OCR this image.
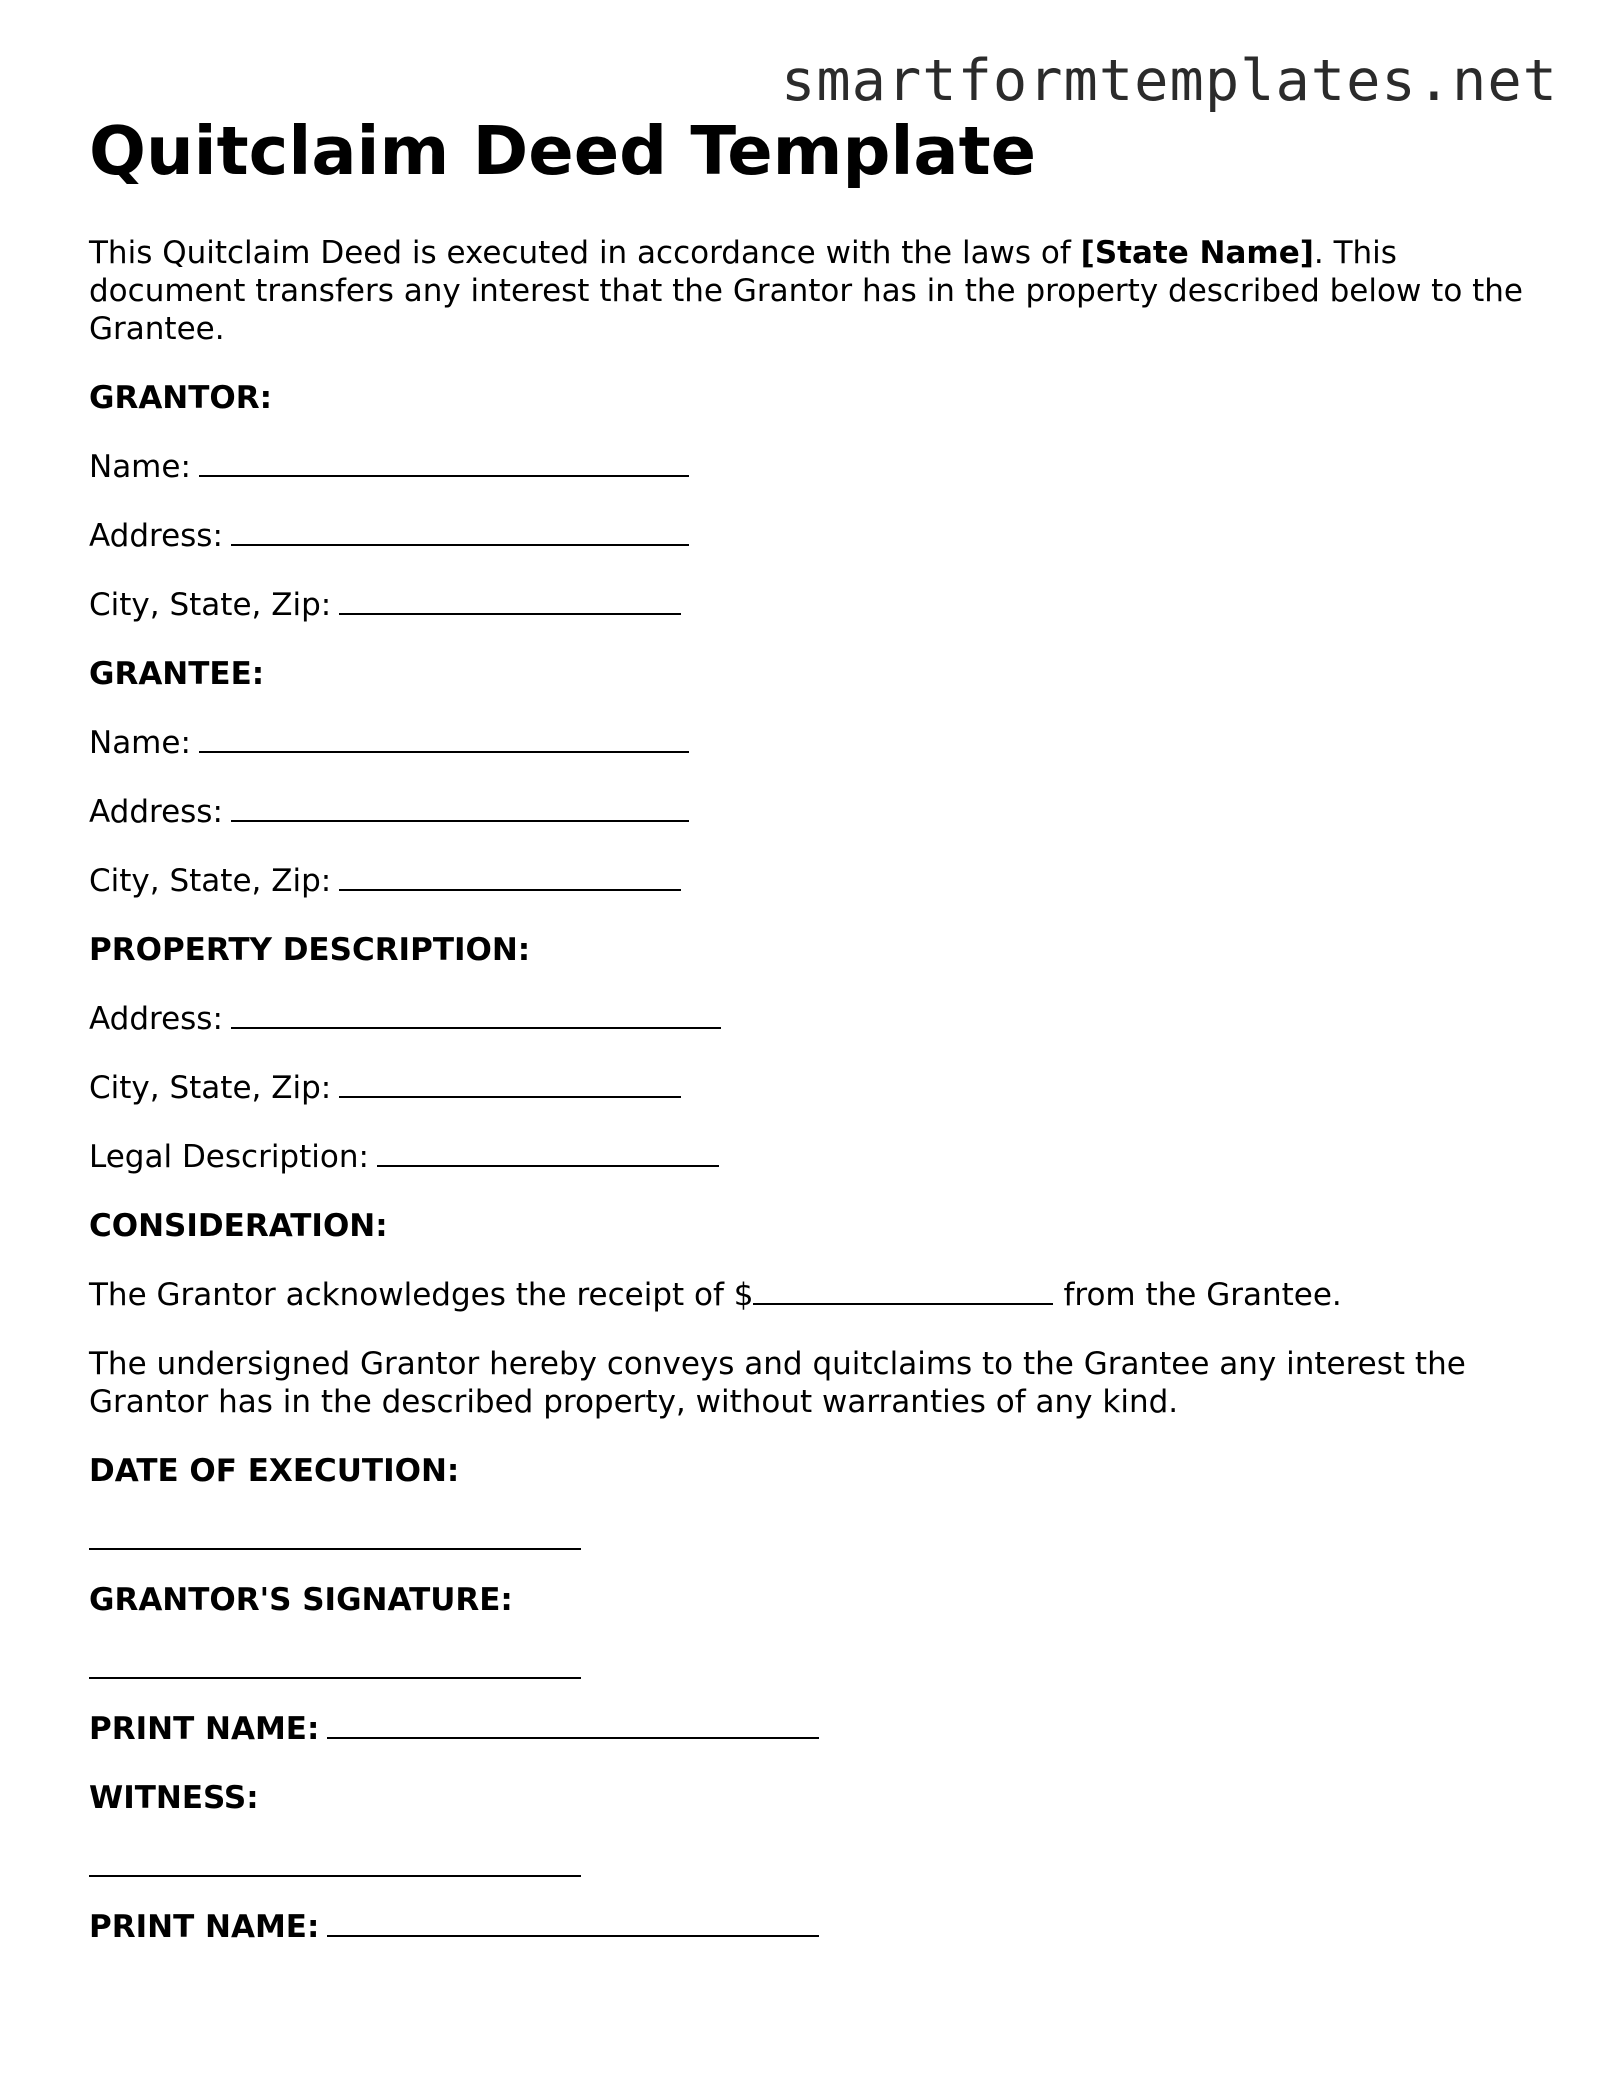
smartformtemplates.net
Quitclaim Deed Template

This Quitclaim Deed is executed in accordance with the laws of [State Name]. This document transfers any interest that the Grantor has in the property described below to the Grantee.

GRANTOR:
Name:
Address:
City, State, Zip:
GRANTEE:
Name:
Address:
City, State, Zip:
PROPERTY DESCRIPTION:
Address:
City, State, Zip:
Legal Description:
CONSIDERATION:
The Grantor acknowledges the receipt of $	from the Grantee.

The undersigned Grantor hereby conveys and quitclaims to the Grantee any interest the Grantor has in the described property, without warranties of any kind.

DATE OF EXECUTION:
GRANTOR'S SIGNATURE:
PRINT NAME:
WITNESS:
PRINT NAME:
